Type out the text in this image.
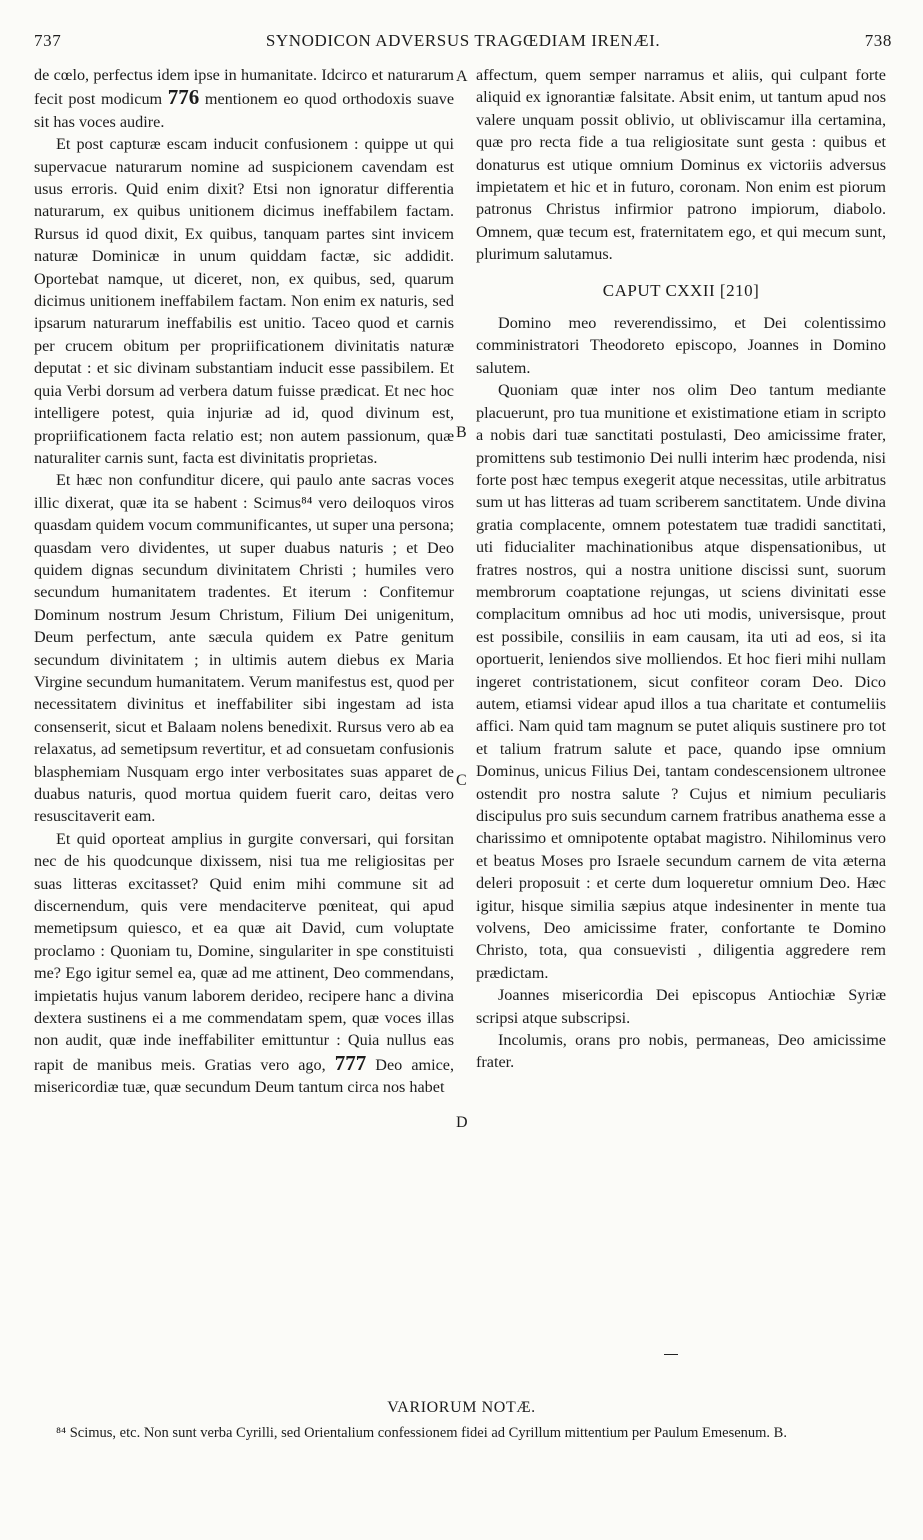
737	SYNODICON ADVERSUS TRAGŒDIAM IRENÆI.	738
A
B
C
D

de cœlo, perfectus idem ipse in humanitate. Idcirco et naturarum fecit post modicum 776 mentionem eo quod orthodoxis suave sit has voces audire.

Et post capturæ escam inducit confusionem : quippe ut qui supervacue naturarum nomine ad suspicionem cavendam est usus erroris. Quid enim dixit? Etsi non ignoratur differentia naturarum, ex quibus unitionem dicimus ineffabilem factam. Rursus id quod dixit, Ex quibus, tanquam partes sint invicem naturæ Dominicæ in unum quiddam factæ, sic addidit. Oportebat namque, ut diceret, non, ex quibus, sed, quarum dicimus unitionem ineffabilem factam. Non enim ex naturis, sed ipsarum naturarum ineffabilis est unitio. Taceo quod et carnis per crucem obitum per propriificationem divinitatis naturæ deputat : et sic divinam substantiam inducit esse passibilem. Et quia Verbi dorsum ad verbera datum fuisse prædicat. Et nec hoc intelligere potest, quia injuriæ ad id, quod divinum est, propriificationem facta relatio est; non autem passionum, quæ naturaliter carnis sunt, facta est divinitatis proprietas.

Et hæc non confunditur dicere, qui paulo ante sacras voces illic dixerat, quæ ita se habent : Scimus⁸⁴ vero deiloquos viros quasdam quidem vocum communificantes, ut super una persona; quasdam vero dividentes, ut super duabus naturis ; et Deo quidem dignas secundum divinitatem Christi ; humiles vero secundum humanitatem tradentes. Et iterum : Confitemur Dominum nostrum Jesum Christum, Filium Dei unigenitum, Deum perfectum, ante sæcula quidem ex Patre genitum secundum divinitatem ; in ultimis autem diebus ex Maria Virgine secundum humanitatem. Verum manifestus est, quod per necessitatem divinitus et ineffabiliter sibi ingestam ad ista consenserit, sicut et Balaam nolens benedixit. Rursus vero ab ea relaxatus, ad semetipsum revertitur, et ad consuetam confusionis blasphemiam Nusquam ergo inter verbositates suas apparet de duabus naturis, quod mortua quidem fuerit caro, deitas vero resuscitaverit eam.

Et quid oporteat amplius in gurgite conversari, qui forsitan nec de his quodcunque dixissem, nisi tua me religiositas per suas litteras excitasset? Quid enim mihi commune sit ad discernendum, quis vere mendaciterve pœniteat, qui apud memetipsum quiesco, et ea quæ ait David, cum voluptate proclamo : Quoniam tu, Domine, singulariter in spe constituisti me? Ego igitur semel ea, quæ ad me attinent, Deo commendans, impietatis hujus vanum laborem derideo, recipere hanc a divina dextera sustinens ei a me commendatam spem, quæ voces illas non audit, quæ inde ineffabiliter emittuntur : Quia nullus eas rapit de manibus meis. Gratias vero ago, 777 Deo amice, misericordiæ tuæ, quæ secundum Deum tantum circa nos habet

affectum, quem semper narramus et aliis, qui culpant forte aliquid ex ignorantiæ falsitate. Absit enim, ut tantum apud nos valere unquam possit oblivio, ut obliviscamur illa certamina, quæ pro recta fide a tua religiositate sunt gesta : quibus et donaturus est utique omnium Dominus ex victoriis adversus impietatem et hic et in futuro, coronam. Non enim est piorum patronus Christus infirmior patrono impiorum, diabolo. Omnem, quæ tecum est, fraternitatem ego, et qui mecum sunt, plurimum salutamus.

CAPUT CXXII [210]

Domino meo reverendissimo, et Dei colentissimo comministratori Theodoreto episcopo, Joannes in Domino salutem.

Quoniam quæ inter nos olim Deo tantum mediante placuerunt, pro tua munitione et existimatione etiam in scripto a nobis dari tuæ sanctitati postulasti, Deo amicissime frater, promittens sub testimonio Dei nulli interim hæc prodenda, nisi forte post hæc tempus exegerit atque necessitas, utile arbitratus sum ut has litteras ad tuam scriberem sanctitatem. Unde divina gratia complacente, omnem potestatem tuæ tradidi sanctitati, uti fiducialiter machinationibus atque dispensationibus, ut fratres nostros, qui a nostra unitione discissi sunt, suorum membrorum coaptatione rejungas, ut sciens divinitati esse complacitum omnibus ad hoc uti modis, universisque, prout est possibile, consiliis in eam causam, ita uti ad eos, si ita oportuerit, leniendos sive molliendos. Et hoc fieri mihi nullam ingeret contristationem, sicut confiteor coram Deo. Dico autem, etiamsi videar apud illos a tua charitate et contumeliis affici. Nam quid tam magnum se putet aliquis sustinere pro tot et talium fratrum salute et pace, quando ipse omnium Dominus, unicus Filius Dei, tantam condescensionem ultroneе ostendit pro nostra salute ? Cujus et nimium peculiaris discipulus pro suis secundum carnem fratribus anathema esse a charissimo et omnipotente optabat magistro. Nihilominus vero et beatus Moses pro Israele secundum carnem de vita æterna deleri proposuit : et certe dum loqueretur omnium Deo. Hæc igitur, hisque similia sæpius atque indesinenter in mente tua volvens, Deo amicissime frater, confortante te Domino Christo, tota, qua consuevisti , diligentia aggredere rem prædictam.

Joannes misericordia Dei episcopus Antiochiæ Syriæ scripsi atque subscripsi.

Incolumis, orans pro nobis, permaneas, Deo amicissime frater.

VARIORUM NOTÆ.
⁸⁴ Scimus, etc. Non sunt verba Cyrilli, sed Orientalium confessionem fidei ad Cyrillum mittentium per Paulum Emesenum. B.
